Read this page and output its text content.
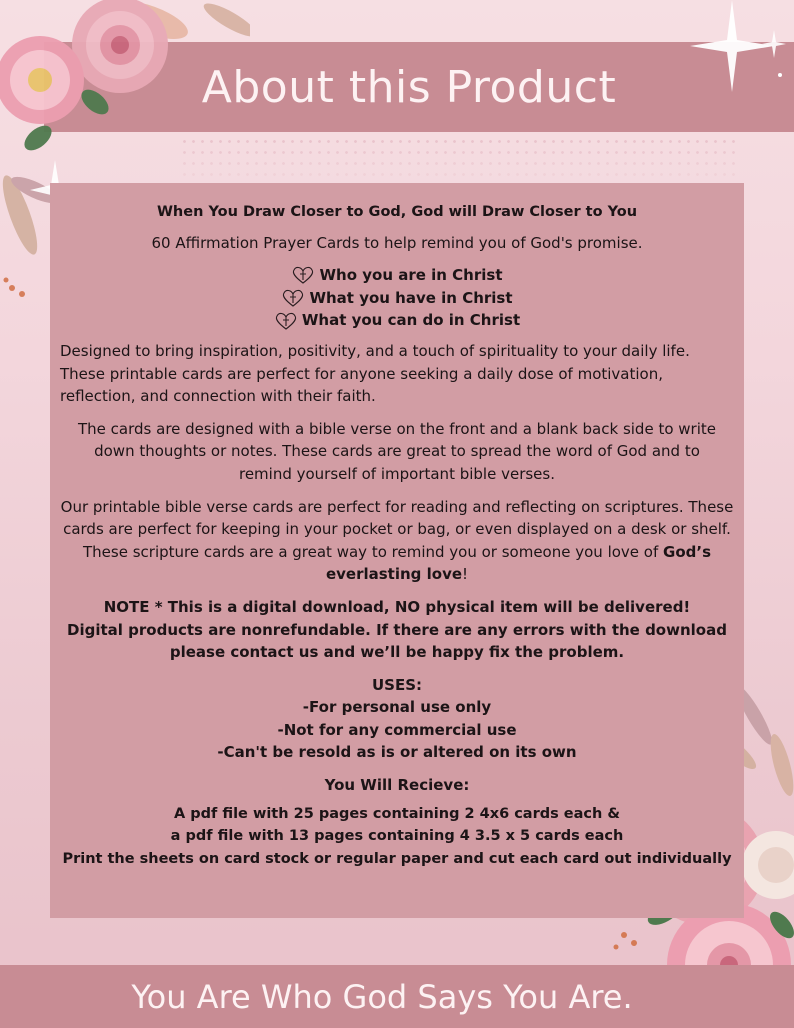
About this Product

When You Draw Closer to God, God will Draw Closer to You

60 Affirmation Prayer Cards to help remind you of God's promise.

Who you are in Christ
What you have in Christ
What you can do in Christ

Designed to bring inspiration, positivity, and a touch of spirituality to your daily life. These printable cards are perfect for anyone seeking a daily dose of motivation, reflection, and connection with their faith.

The cards are designed with a bible verse on the front and a blank back side to write down thoughts or notes. These cards are great to spread the word of God and to remind yourself of important bible verses.

Our printable bible verse cards are perfect for reading and reflecting on scriptures. These cards are perfect for keeping in your pocket or bag, or even displayed on a desk or shelf. These scripture cards are a great way to remind you or someone you love of God’s everlasting love!

NOTE * This is a digital download, NO physical item will be delivered!

Digital products are nonrefundable. If there are any errors with the download

please contact us and we’ll be happy fix the problem.

USES:

-For personal use only

-Not for any commercial use

-Can't be resold as is or altered on its own

You Will Recieve:

A pdf file with 25 pages containing 2 4x6 cards each &

a pdf file with 13 pages containing 4 3.5 x 5 cards each

Print the sheets on card stock or regular paper and cut each card out individually

You Are Who God Says You Are.
